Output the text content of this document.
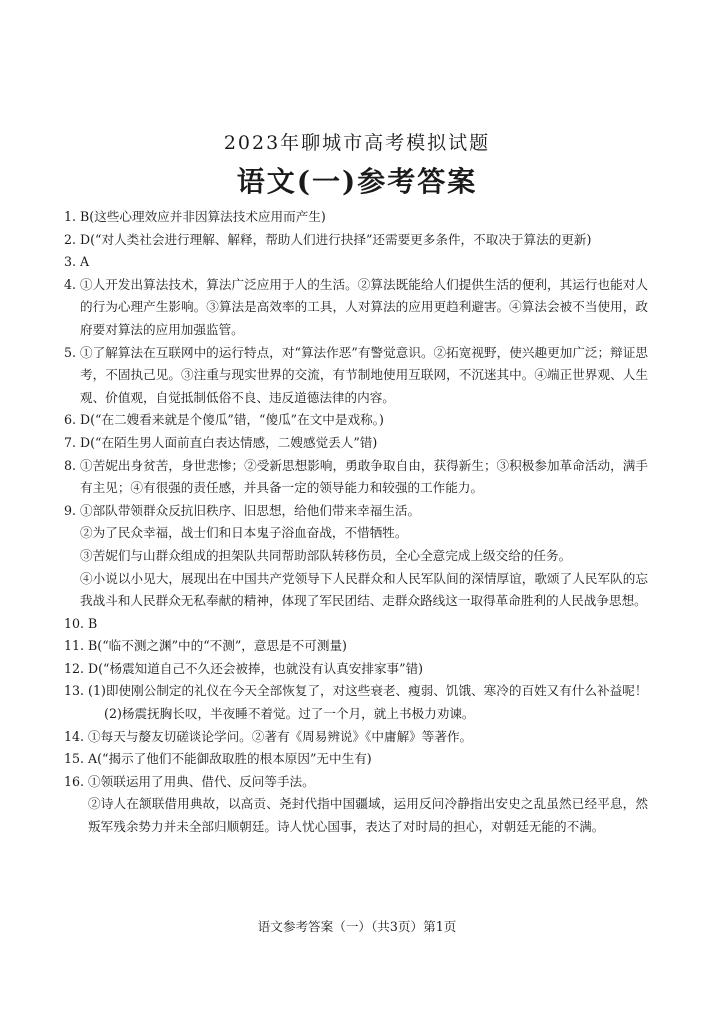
2023年聊城市高考模拟试题
语文(一)参考答案
1. B(这些心理效应并非因算法技术应用而产生)
2. D(“对人类社会进行理解、解释，帮助人们进行抉择”还需要更多条件，不取决于算法的更新)
3. A
4. ①人开发出算法技术，算法广泛应用于人的生活。②算法既能给人们提供生活的便利，其运行也能对人的行为心理产生影响。③算法是高效率的工具，人对算法的应用更趋利避害。④算法会被不当使用，政府要对算法的应用加强监管。
5. ①了解算法在互联网中的运行特点，对“算法作恶”有警觉意识。②拓宽视野，使兴趣更加广泛；辩证思考，不固执己见。③注重与现实世界的交流，有节制地使用互联网，不沉迷其中。④端正世界观、人生观、价值观，自觉抵制低俗不良、违反道德法律的内容。
6. D(“在二嫂看来就是个傻瓜”错，“傻瓜”在文中是戏称。)
7. D(“在陌生男人面前直白表达情感，二嫂感觉丢人”错)
8. ①苦妮出身贫苦，身世悲惨；②受新思想影响，勇敢争取自由，获得新生；③积极参加革命活动，满手有主见；④有很强的责任感，并具备一定的领导能力和较强的工作能力。
9. ①部队带领群众反抗旧秩序、旧思想，给他们带来幸福生活。
②为了民众幸福，战士们和日本鬼子浴血奋战，不惜牺牲。
③苦妮们与山群众组成的担架队共同帮助部队转移伤员，全心全意完成上级交给的任务。
④小说以小见大，展现出在中国共产党领导下人民群众和人民军队间的深情厚谊，歌颂了人民军队的忘我战斗和人民群众无私奉献的精神，体现了军民团结、走群众路线这一取得革命胜利的人民战争思想。
10. B
11. B(“临不测之渊”中的“不测”，意思是不可测量)
12. D(“杨震知道自己不久还会被捧，也就没有认真安排家事”错)
13. (1)即使刚公制定的礼仪在今天全部恢复了，对这些衰老、瘦弱、饥饿、寒冷的百姓又有什么补益呢！
(2)杨震抚胸长叹，半夜睡不着觉。过了一个月，就上书极力劝谏。
14. ①每天与嫠友切磋谈论学问。②著有《周易辨说》《中庸解》等著作。
15. A(“揭示了他们不能御敌取胜的根本原因”无中生有)
16. ①领联运用了用典、借代、反问等手法。
②诗人在颔联借用典故，以高贡、尧封代指中国疆域，运用反问冷静指出安史之乱虽然已经平息，然叛军残余势力并未全部归顺朝廷。诗人忧心国事，表达了对时局的担心，对朝廷无能的不满。
语文参考答案（一）（共3页）第1页
